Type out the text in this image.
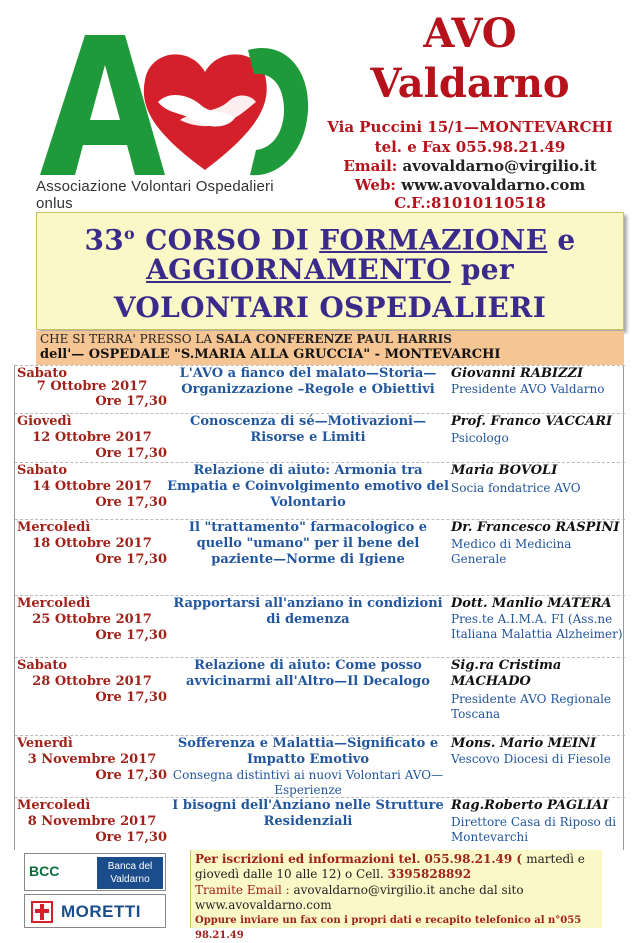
Associazione Volontari Ospedalieri onlus
AVO
Valdarno
Via Puccini 15/1—MONTEVARCHI
tel. e Fax 055.98.21.49
Email: avovaldarno@virgilio.it
Web: www.avovaldarno.com
C.F.:81010110518
33$^o$ CORSO DI FORMAZIONE e
AGGIORNAMENTO per
VOLONTARI OSPEDALIERI
CHE SI TERRA' PRESSO LA SALA CONFERENZE PAUL HARRIS
dell'— OSPEDALE "S.MARIA ALLA GRUCCIA" - MONTEVARCHI
Sabato
7 Ottobre 2017
Ore 17,30
L'AVO a fianco del malato—Storia—Organizzazione –Regole e Obiettivi
Giovanni RABIZZI
Presidente AVO Valdarno
Giovedì
12 Ottobre 2017
Ore 17,30
Conoscenza di sé—Motivazioni—Risorse e Limiti
Prof. Franco VACCARI
Psicologo
Sabato
14 Ottobre 2017
Ore 17,30
Relazione di aiuto: Armonia tra Empatia e Coinvolgimento emotivo del Volontario
Maria BOVOLI
Socia fondatrice AVO
Mercoledì
18 Ottobre 2017
Ore 17,30
Il "trattamento" farmacologico e quello "umano" per il bene del paziente—Norme di Igiene
Dr. Francesco RASPINI
Medico di Medicina Generale
Mercoledì
25 Ottobre 2017
Ore 17,30
Rapportarsi all'anziano in condizioni di demenza
Dott. Manlio MATERA
Pres.te A.I.M.A. FI (Ass.ne Italiana Malattia Alzheimer)
Sabato
28 Ottobre 2017
Ore 17,30
Relazione di aiuto: Come posso avvicinarmi all'Altro—Il Decalogo
Sig.ra Cristima MACHADO
Presidente AVO Regionale Toscana
Venerdì
3 Novembre 2017
Ore 17,30
Sofferenza e Malattia—Significato e Impatto Emotivo
Consegna distintivi ai nuovi Volontari AVO—Esperienze
Mons. Mario MEINI
Vescovo Diocesi di Fiesole
Mercoledì
8 Novembre 2017
Ore 17,30
I bisogni dell'Anziano nelle Strutture Residenziali
Rag.Roberto PAGLIAI
Direttore Casa di Riposo di Montevarchi
BCC	Banca del Valdarno
MORETTI
Per iscrizioni ed informazioni tel. 055.98.21.49 ( martedì e
giovedì dalle 10 alle 12) o Cell. 3395828892
Tramite Email : avovaldarno@virgilio.it anche dal sito
www.avovaldarno.com
Oppure inviare un fax con i propri dati e recapito telefonico al n°055 98.21.49
